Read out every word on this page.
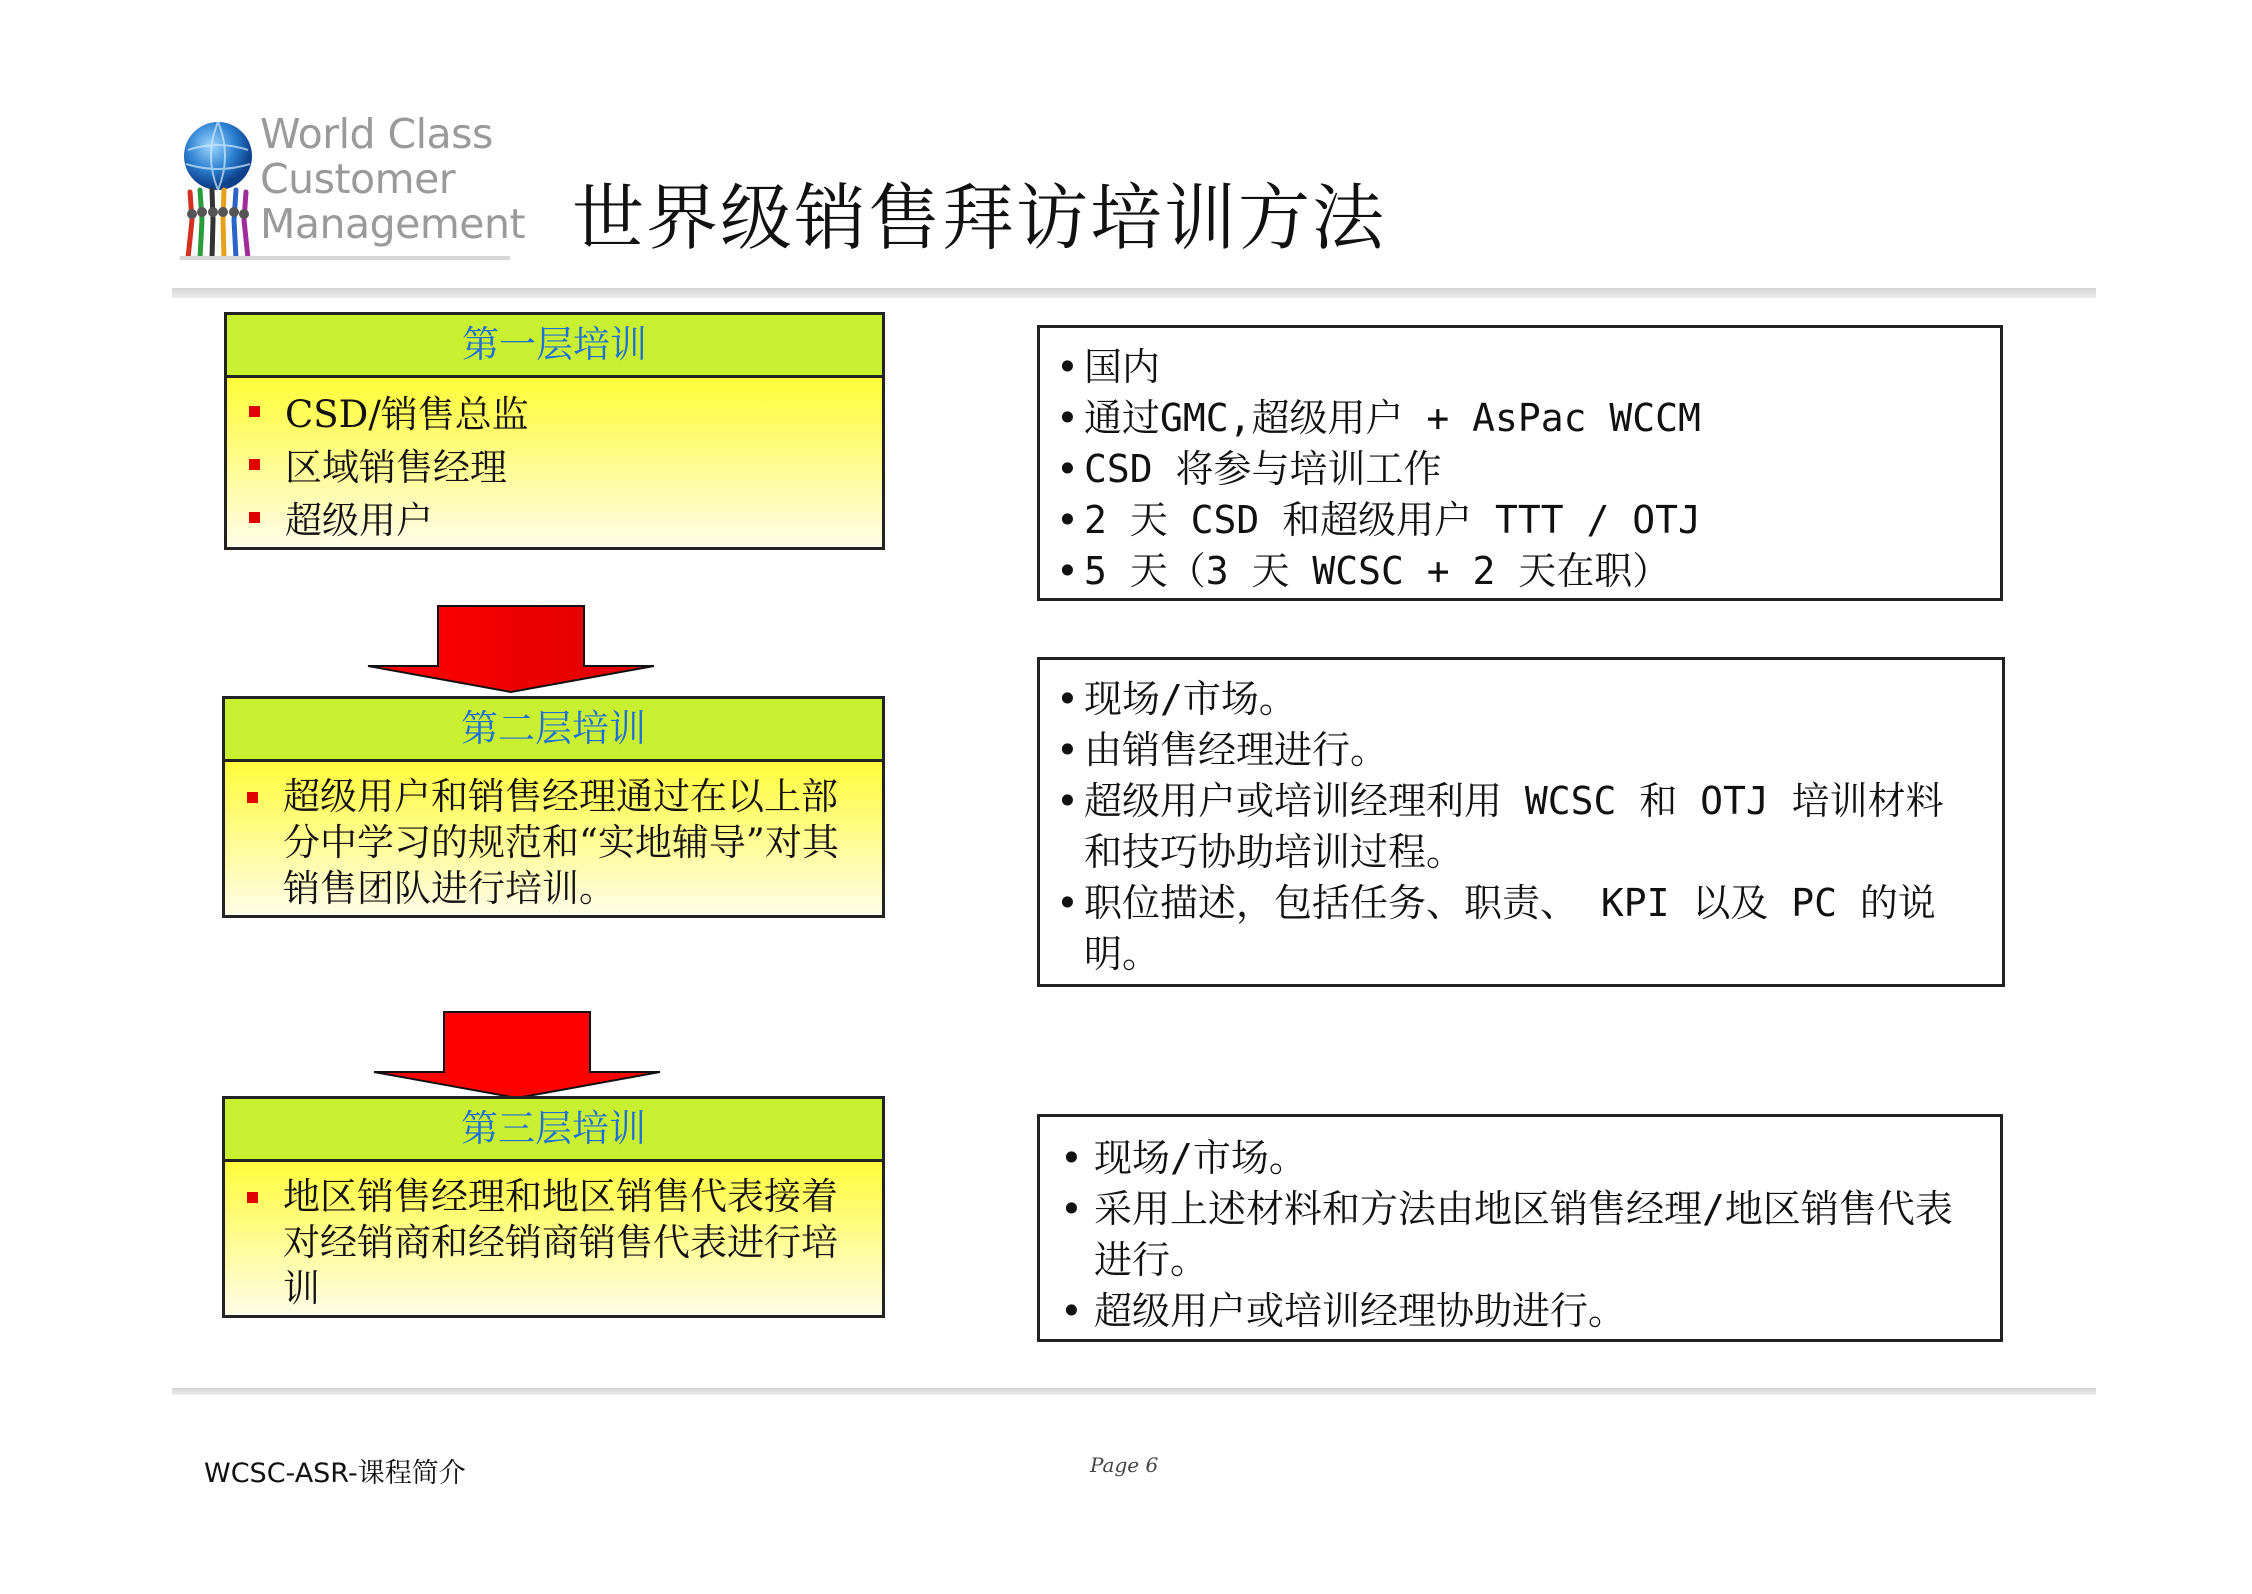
World Class
Customer
Management 世界级销售拜访培训方法
第一层培训
CSD/销售总监
区域销售经理
超级用户
第二层培训
超级用户和销售经理通过在以上部分中学习的规范和“实地辅导”对其销售团队进行培训。
第三层培训
地区销售经理和地区销售代表接着对经销商和经销商销售代表进行培训
• 国内
• 通过GMC,超级用户 + AsPac WCCM
• CSD 将参与培训工作
• 2 天 CSD 和超级用户 TTT / OTJ
• 5 天（3 天 WCSC + 2 天在职）
• 现场/市场。
• 由销售经理进行。
• 超级用户或培训经理利用 WCSC 和 OTJ 培训材料和技巧协助培训过程。
• 职位描述，包括任务、职责、 KPI 以及 PC 的说明。
• 现场/市场。
• 采用上述材料和方法由地区销售经理/地区销售代表进行。
• 超级用户或培训经理协助进行。
WCSC-ASR-课程简介	Page 6
